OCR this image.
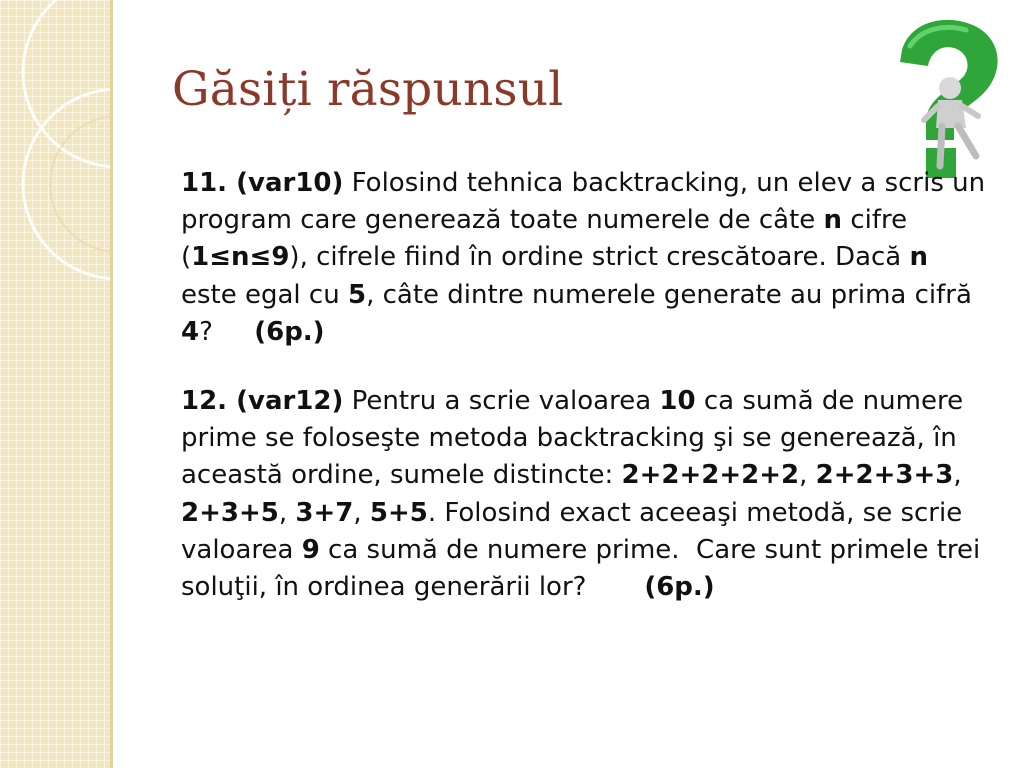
Găsiți răspunsul

11. (var10) Folosind tehnica backtracking, un elev a scris un program care generează toate numerele de câte n cifre (1≤n≤9), cifrele fiind în ordine strict crescătoare. Dacă n este egal cu 5, câte dintre numerele generate au prima cifră 4?     (6p.)

12. (var12) Pentru a scrie valoarea 10 ca sumă de numere prime se foloseşte metoda backtracking şi se generează, în această ordine, sumele distincte: 2+2+2+2+2, 2+2+3+3, 2+3+5, 3+7, 5+5. Folosind exact aceeaşi metodă, se scrie valoarea 9 ca sumă de numere prime.  Care sunt primele trei soluţii, în ordinea generării lor?       (6p.)
